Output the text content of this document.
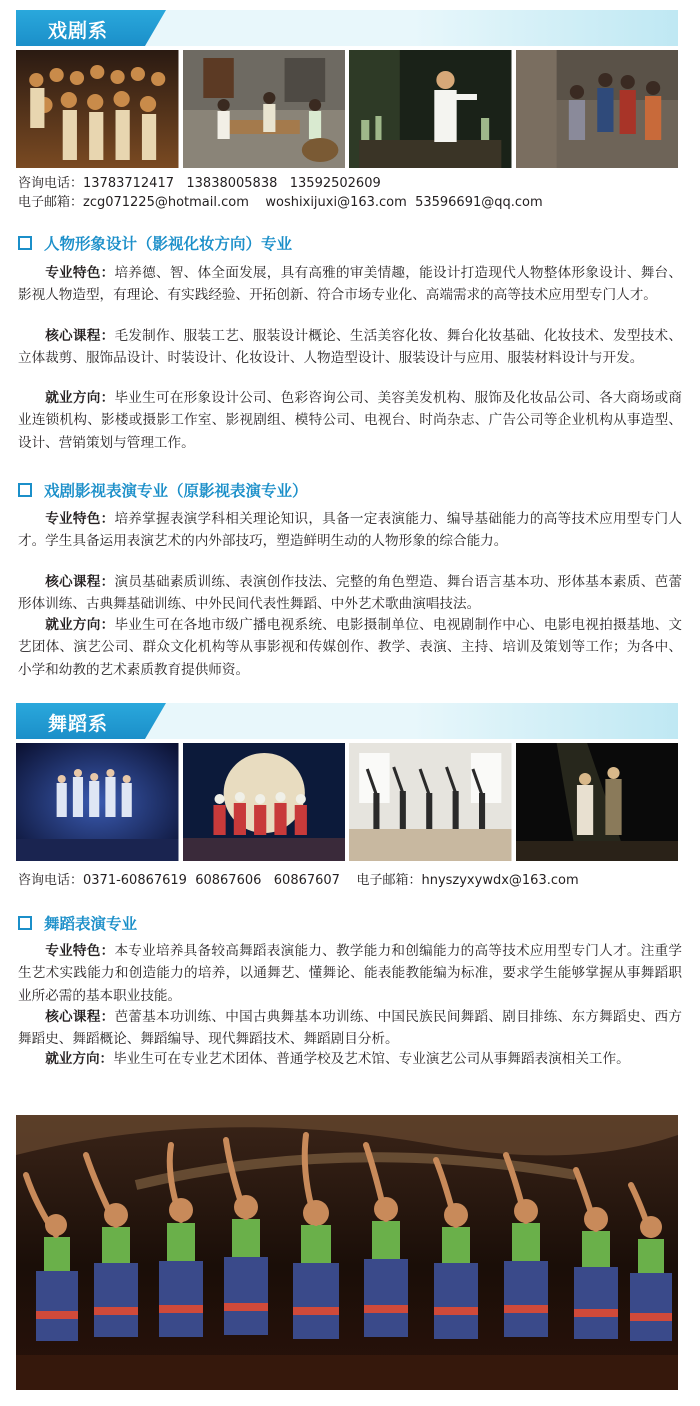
戏剧系
咨询电话：13783712417   13838005838   13592502609
电子邮箱：zcg071225@hotmail.com    woshixijuxi@163.com  53596691@qq.com
人物形象设计（影视化妆方向）专业
专业特色：培养德、智、体全面发展，具有高雅的审美情趣，能设计打造现代人物整体形象设计、舞台、影视人物造型，有理论、有实践经验、开拓创新、符合市场专业化、高端需求的高等技术应用型专门人才。
核心课程：毛发制作、服装工艺、服装设计概论、生活美容化妆、舞台化妆基础、化妆技术、发型技术、立体裁剪、服饰品设计、时装设计、化妆设计、人物造型设计、服装设计与应用、服装材料设计与开发。
就业方向：毕业生可在形象设计公司、色彩咨询公司、美容美发机构、服饰及化妆品公司、各大商场或商业连锁机构、影楼或摄影工作室、影视剧组、模特公司、电视台、时尚杂志、广告公司等企业机构从事造型、设计、营销策划与管理工作。
戏剧影视表演专业（原影视表演专业）
专业特色：培养掌握表演学科相关理论知识，具备一定表演能力、编导基础能力的高等技术应用型专门人才。学生具备运用表演艺术的内外部技巧，塑造鲜明生动的人物形象的综合能力。
核心课程：演员基础素质训练、表演创作技法、完整的角色塑造、舞台语言基本功、形体基本素质、芭蕾形体训练、古典舞基础训练、中外民间代表性舞蹈、中外艺术歌曲演唱技法。
就业方向：毕业生可在各地市级广播电视系统、电影摄制单位、电视剧制作中心、电影电视拍摄基地、文艺团体、演艺公司、群众文化机构等从事影视和传媒创作、教学、表演、主持、培训及策划等工作；为各中、小学和幼教的艺术素质教育提供师资。
舞蹈系
咨询电话：0371-60867619  60867606   60867607    电子邮箱：hnyszyxywdx@163.com
舞蹈表演专业
专业特色：本专业培养具备较高舞蹈表演能力、教学能力和创编能力的高等技术应用型专门人才。注重学生艺术实践能力和创造能力的培养，以通舞艺、懂舞论、能表能教能编为标准，要求学生能够掌握从事舞蹈职业所必需的基本职业技能。
核心课程：芭蕾基本功训练、中国古典舞基本功训练、中国民族民间舞蹈、剧目排练、东方舞蹈史、西方舞蹈史、舞蹈概论、舞蹈编导、现代舞蹈技术、舞蹈剧目分析。
就业方向：毕业生可在专业艺术团体、普通学校及艺术馆、专业演艺公司从事舞蹈表演相关工作。
